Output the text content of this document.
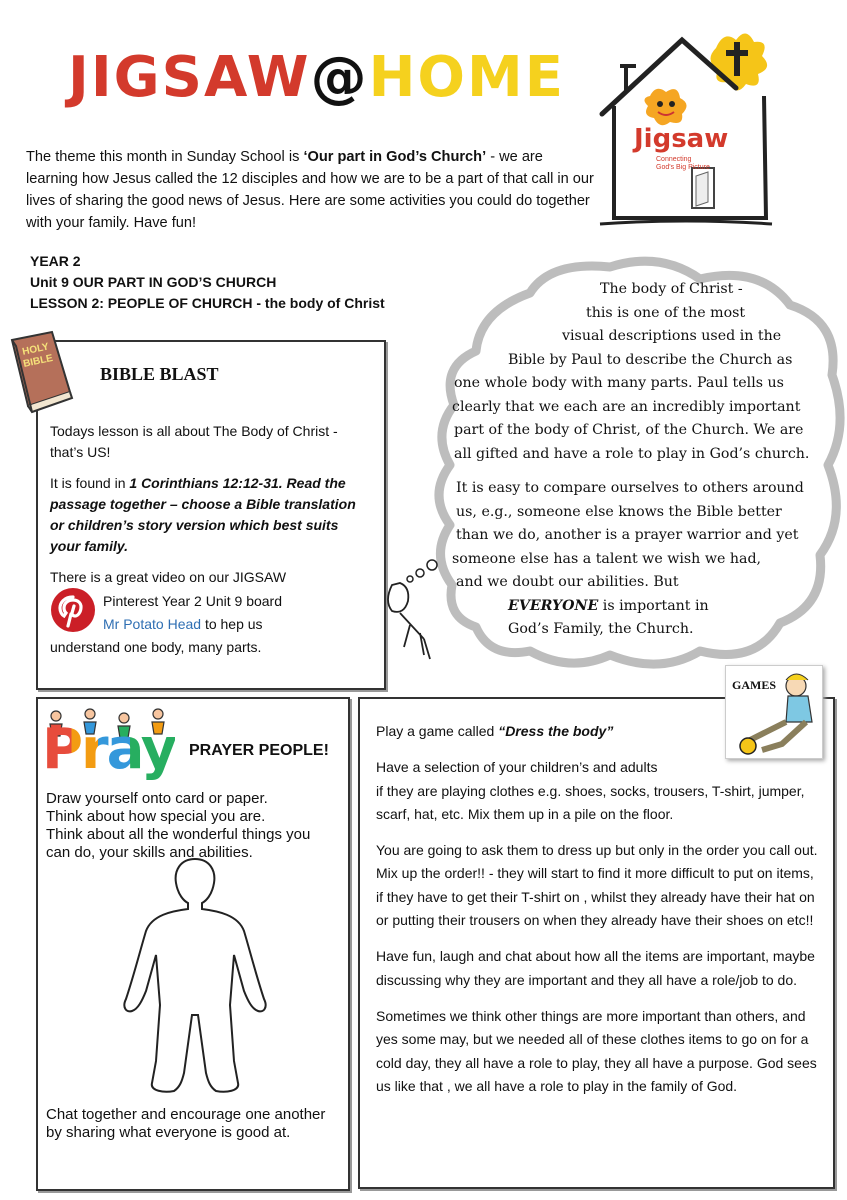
JIGSAW@HOME
Jigsaw
Connecting
God's Big Picture
The theme this month in Sunday School is ‘Our part in God’s Church’ - we are learning how Jesus called the 12 disciples and how we are to be a part of that call in our lives of sharing the good news of Jesus. Here are some activities you could do together with your family. Have fun!
YEAR 2
Unit 9 OUR PART IN GOD’S CHURCH
LESSON 2: PEOPLE OF CHURCH - the body of Christ
HOLY
BIBLE
BIBLE BLAST

Todays lesson is all about The Body of Christ - that’s US!

It is found in 1 Corinthians 12:12-31. Read the passage together – choose a Bible translation or children’s story version which best suits your family.

There is a great video on our JIGSAW

Pinterest Year 2 Unit 9 board
Mr Potato Head to hep us
understand one body, many parts.
The body of Christ -
this is one of the most
visual descriptions used in the
Bible by Paul to describe the Church as
one whole body with many parts. Paul tells us
clearly that we each are an incredibly important
part of the body of Christ, of the Church. We are
all gifted and have a role to play in God’s church.
It is easy to compare ourselves to others around
us, e.g., someone else knows the Bible better
than we do, another is a prayer warrior and yet
someone else has a talent we wish we had,
and we doubt our abilities. But
EVERYONE is important in
God’s Family, the Church.
Pray PRAYER PEOPLE!
Draw yourself onto card or paper.
Think about how special you are.
Think about all the wonderful things you
can do, your skills and abilities.
Chat together and encourage one another
by sharing what everyone is good at.
GAMES

Play a game called “Dress the body”

Have a selection of your children’s and adults
if they are playing clothes e.g. shoes, socks, trousers, T-shirt, jumper, scarf, hat, etc. Mix them up in a pile on the floor.

You are going to ask them to dress up but only in the order you call out. Mix up the order!! - they will start to find it more difficult to put on items, if they have to get their T-shirt on , whilst they already have their hat on or putting their trousers on when they already have their shoes on etc!!

Have fun, laugh and chat about how all the items are important, maybe discussing why they are important and they all have a role/job to do.

Sometimes we think other things are more important than others, and yes some may, but we needed all of these clothes items to go on for a cold day, they all have a role to play, they all have a purpose. God sees us like that , we all have a role to play in the family of God.
